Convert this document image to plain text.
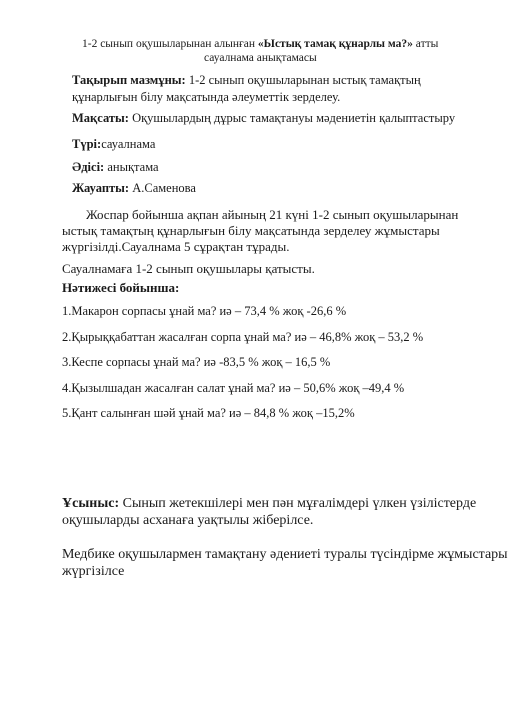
1-2 сынып оқушыларынан алынған «Ыстық тамақ құнарлы ма?» атты
сауалнама анықтамасы
Тақырып мазмұны: 1-2 сынып оқушыларынан ыстық тамақтың
құнарлығын білу мақсатында әлеуметтік зерделеу.
Мақсаты: Оқушылардың дұрыс тамақтануы мәдениетін қалыптастыру
Түрі:сауалнама
Әдісі: анықтама
Жауапты: А.Саменова
Жоспар бойынша ақпан айының 21 күні 1-2 сынып оқушыларынан
ыстық тамақтың құнарлығын білу мақсатында зерделеу жұмыстары
жүргізілді.Сауалнама 5 сұрақтан тұрады.
Сауалнамаға 1-2 сынып оқушылары қатысты.
Нәтижесі бойынша:
1.Макарон сорпасы ұнай ма? иә – 73,4 % жоқ -26,6 %
2.Қырыққабаттан жасалған сорпа ұнай ма? иә – 46,8% жоқ – 53,2 %
3.Кеспе сорпасы ұнай ма? иә -83,5 % жоқ – 16,5 %
4.Қызылшадан жасалған салат ұнай ма? иә – 50,6% жоқ –49,4 %
5.Қант салынған шәй ұнай ма? иә – 84,8 % жоқ –15,2%
Ұсыныс: Сынып жетекшілері мен пән мұғалімдері үлкен үзілістерде
оқушыларды асханаға уақтылы жіберілсе.
Медбике оқушылармен тамақтану әдениеті туралы түсіндірме жұмыстары
жүргізілсе
